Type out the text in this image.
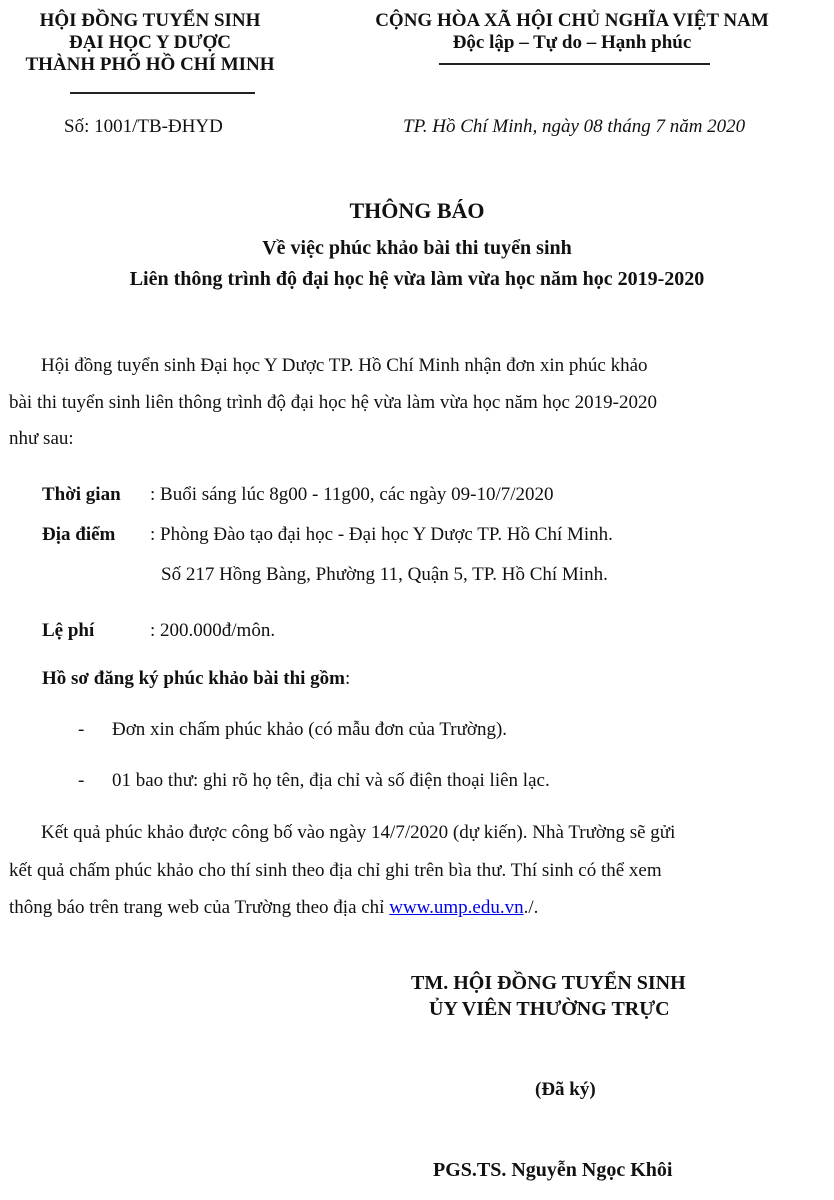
HỘI ĐỒNG TUYỂN SINH
ĐẠI HỌC Y DƯỢC
THÀNH PHỐ HỒ CHÍ MINH
Số: 1001/TB-ĐHYD
CỘNG HÒA XÃ HỘI CHỦ NGHĨA VIỆT NAM
Độc lập – Tự do – Hạnh phúc
TP. Hồ Chí Minh, ngày 08 tháng 7 năm 2020
THÔNG BÁO
Về việc phúc khảo bài thi tuyển sinh
Liên thông trình độ đại học hệ vừa làm vừa học năm học 2019-2020
Hội đồng tuyển sinh Đại học Y Dược TP. Hồ Chí Minh nhận đơn xin phúc khảo
bài thi tuyển sinh liên thông trình độ đại học hệ vừa làm vừa học năm học 2019-2020
như sau:
Thời gian : Buổi sáng lúc 8g00 - 11g00, các ngày 09-10/7/2020
Địa điểm : Phòng Đào tạo đại học - Đại học Y Dược TP. Hồ Chí Minh.
Số 217 Hồng Bàng, Phường 11, Quận 5, TP. Hồ Chí Minh.
Lệ phí	: 200.000đ/môn.
Hồ sơ đăng ký phúc khảo bài thi gồm:
- Đơn xin chấm phúc khảo (có mẫu đơn của Trường).
- 01 bao thư: ghi rõ họ tên, địa chỉ và số điện thoại liên lạc.
Kết quả phúc khảo được công bố vào ngày 14/7/2020 (dự kiến). Nhà Trường sẽ gửi
kết quả chấm phúc khảo cho thí sinh theo địa chỉ ghi trên bìa thư. Thí sinh có thể xem
thông báo trên trang web của Trường theo địa chỉ www.ump.edu.vn./.
TM. HỘI ĐỒNG TUYỂN SINH
ỦY VIÊN THƯỜNG TRỰC
(Đã ký)
PGS.TS. Nguyễn Ngọc Khôi
